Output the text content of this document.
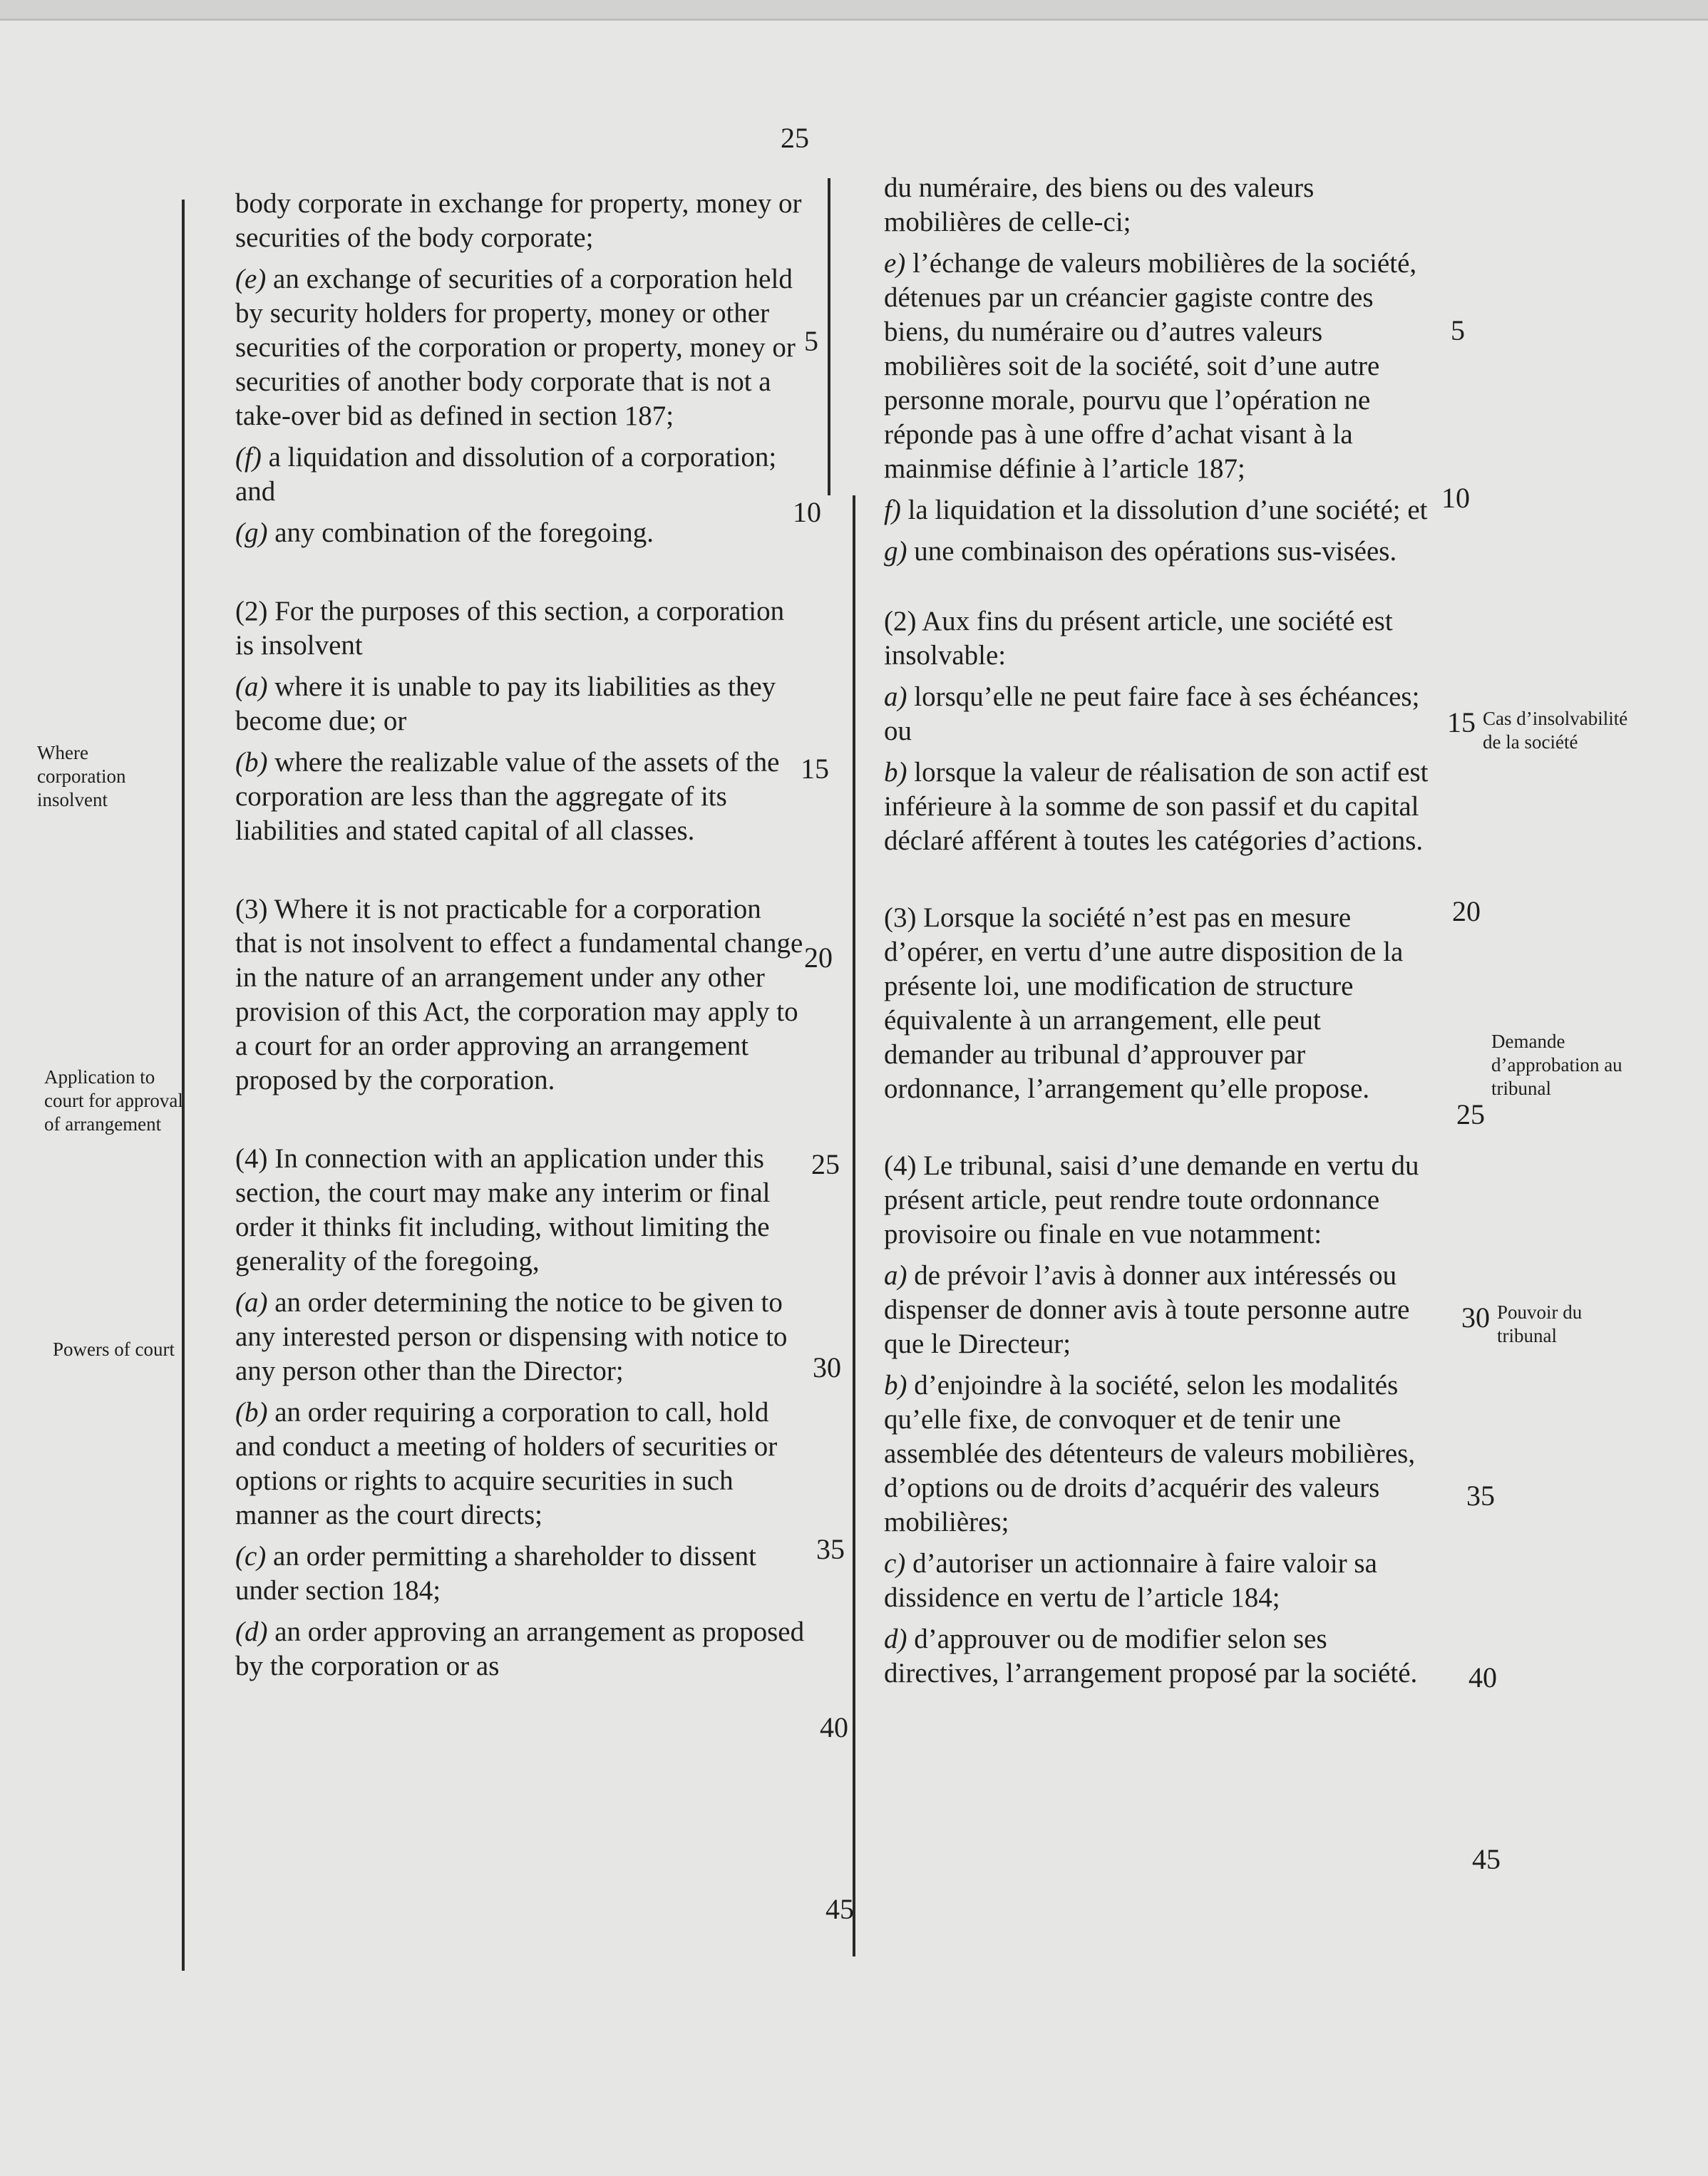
25
Where corporation insolvent
Application to court for approval of arrangement
Powers of court
Cas d’insolvabilité de la société
Demande d’approbation au tribunal
Pouvoir du tribunal

body corporate in exchange for property, money or securities of the body corporate;

(e) an exchange of securities of a corporation held by security holders for property, money or other securities of the corporation or property, money or securities of another body corporate that is not a take-over bid as defined in section 187;

(f) a liquidation and dissolution of a corporation; and

(g) any combination of the foregoing.

(2) For the purposes of this section, a corporation is insolvent

(a) where it is unable to pay its liabilities as they become due; or

(b) where the realizable value of the assets of the corporation are less than the aggregate of its liabilities and stated capital of all classes.

(3) Where it is not practicable for a corporation that is not insolvent to effect a fundamental change in the nature of an arrangement under any other provision of this Act, the corporation may apply to a court for an order approving an arrangement proposed by the corporation.

(4) In connection with an application under this section, the court may make any interim or final order it thinks fit including, without limiting the generality of the foregoing,

(a) an order determining the notice to be given to any interested person or dispensing with notice to any person other than the Director;

(b) an order requiring a corporation to call, hold and conduct a meeting of holders of securities or options or rights to acquire securities in such manner as the court directs;

(c) an order permitting a shareholder to dissent under section 184;

(d) an order approving an arrangement as proposed by the corporation or as

du numéraire, des biens ou des valeurs mobilières de celle-ci;

e) l’échange de valeurs mobilières de la société, détenues par un créancier gagiste contre des biens, du numéraire ou d’autres valeurs mobilières soit de la société, soit d’une autre personne morale, pourvu que l’opération ne réponde pas à une offre d’achat visant à la mainmise définie à l’article 187;

f) la liquidation et la dissolution d’une société; et

g) une combinaison des opérations sus-visées.

(2) Aux fins du présent article, une société est insolvable:

a) lorsqu’elle ne peut faire face à ses échéances; ou

b) lorsque la valeur de réalisation de son actif est inférieure à la somme de son passif et du capital déclaré afférent à toutes les catégories d’actions.

(3) Lorsque la société n’est pas en mesure d’opérer, en vertu d’une autre disposition de la présente loi, une modification de structure équivalente à un arrangement, elle peut demander au tribunal d’approuver par ordonnance, l’arrangement qu’elle propose.

(4) Le tribunal, saisi d’une demande en vertu du présent article, peut rendre toute ordonnance provisoire ou finale en vue notamment:

a) de prévoir l’avis à donner aux intéressés ou dispenser de donner avis à toute personne autre que le Directeur;

b) d’enjoindre à la société, selon les modalités qu’elle fixe, de convoquer et de tenir une assemblée des détenteurs de valeurs mobilières, d’options ou de droits d’acquérir des valeurs mobilières;

c) d’autoriser un actionnaire à faire valoir sa dissidence en vertu de l’article 184;

d) d’approuver ou de modifier selon ses directives, l’arrangement proposé par la société.

5
10
15
20
25
30
35
40
45
5
10
15
20
25
30
35
40
45
